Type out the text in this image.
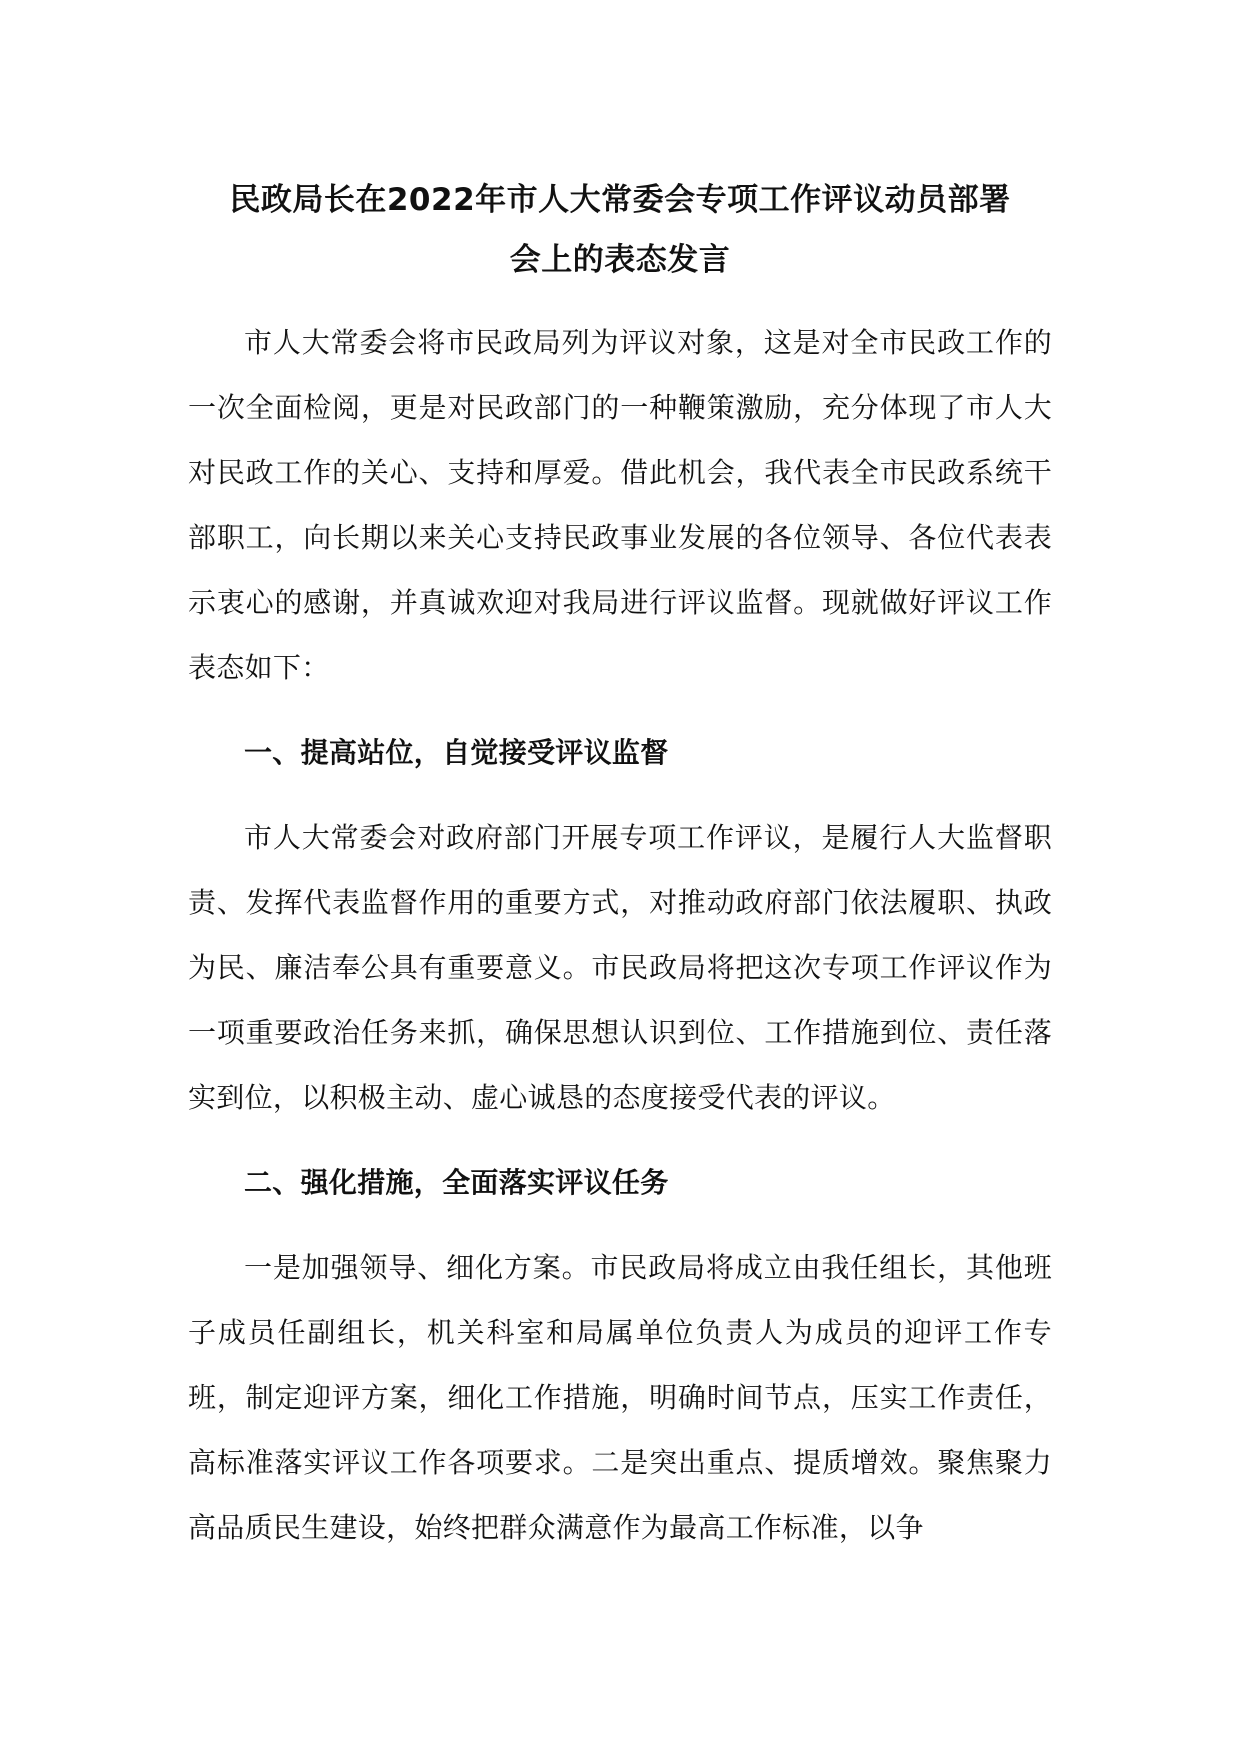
民政局长在2022年市人大常委会专项工作评议动员部署
会上的表态发言

市人大常委会将市民政局列为评议对象，这是对全市民政工作的一次全面检阅，更是对民政部门的一种鞭策激励，充分体现了市人大对民政工作的关心、支持和厚爱。借此机会，我代表全市民政系统干部职工，向长期以来关心支持民政事业发展的各位领导、各位代表表示衷心的感谢，并真诚欢迎对我局进行评议监督。现就做好评议工作表态如下：

一、提高站位，自觉接受评议监督

市人大常委会对政府部门开展专项工作评议，是履行人大监督职责、发挥代表监督作用的重要方式，对推动政府部门依法履职、执政为民、廉洁奉公具有重要意义。市民政局将把这次专项工作评议作为一项重要政治任务来抓，确保思想认识到位、工作措施到位、责任落实到位，以积极主动、虚心诚恳的态度接受代表的评议。

二、强化措施，全面落实评议任务

一是加强领导、细化方案。市民政局将成立由我任组长，其他班子成员任副组长，机关科室和局属单位负责人为成员的迎评工作专班，制定迎评方案，细化工作措施，明确时间节点，压实工作责任，高标准落实评议工作各项要求。二是突出重点、提质增效。聚焦聚力高品质民生建设，始终把群众满意作为最高工作标准，以争
